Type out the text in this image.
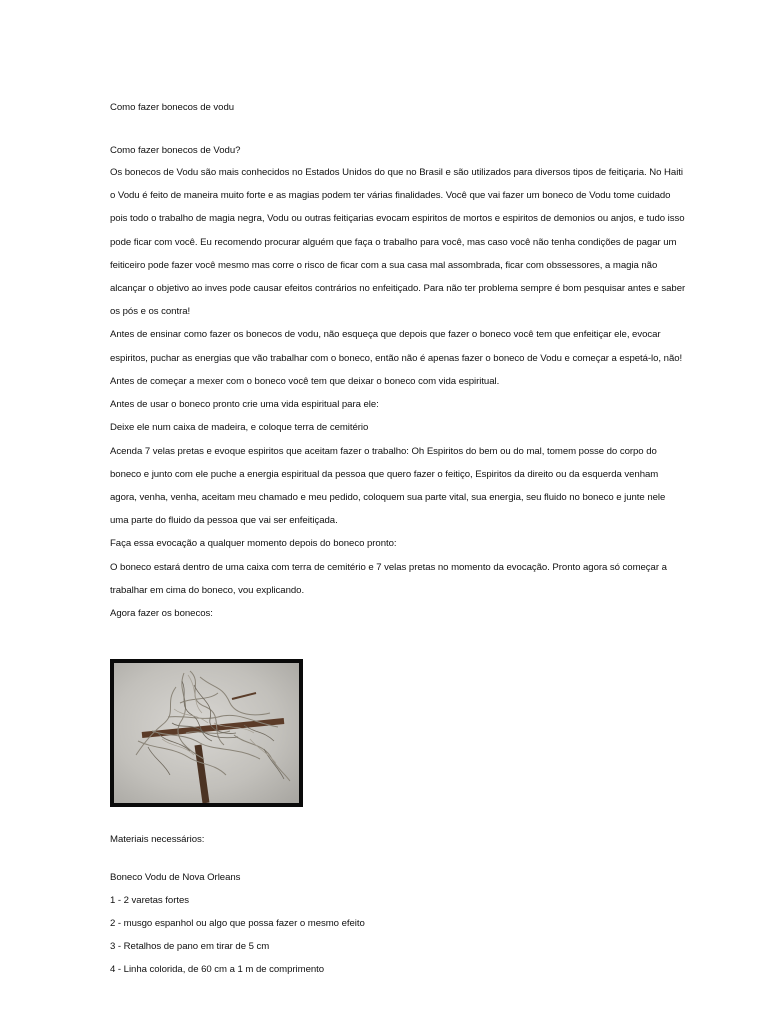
Como fazer bonecos de vodu
Como fazer bonecos de Vodu?
Os bonecos de Vodu são mais conhecidos no Estados Unidos do que no Brasil e são utilizados para diversos tipos de feitiçaria. No Haiti
o Vodu é feito de maneira muito forte e as magias podem ter várias finalidades. Você que vai fazer um boneco de Vodu tome cuidado
pois todo o trabalho de magia negra, Vodu ou outras feitiçarias evocam espiritos de mortos e espiritos de demonios ou anjos, e tudo isso
pode ficar com você. Eu recomendo procurar alguém que faça o trabalho para você, mas caso você não tenha condições de pagar um
feiticeiro pode fazer você mesmo mas corre o risco de ficar com a sua casa mal assombrada, ficar com obssessores, a magia não
alcançar o objetivo ao inves pode causar efeitos contrários no enfeitiçado. Para não ter problema sempre é bom pesquisar antes e saber
os pós e os contra!
Antes de ensinar como fazer os bonecos de vodu, não esqueça que depois que fazer o boneco você tem que enfeitiçar ele, evocar
espiritos, puchar as energias que vão trabalhar com o boneco, então não é apenas fazer o boneco de Vodu e começar a espetá-lo, não!
Antes de começar a mexer com o boneco você tem que deixar o boneco com vida espiritual.
Antes de usar o boneco pronto crie uma vida espiritual para ele:
Deixe ele num caixa de madeira, e coloque terra de cemitério
Acenda 7 velas pretas e evoque espiritos que aceitam fazer o trabalho: Oh Espiritos do bem ou do mal, tomem posse do corpo do
boneco e junto com ele puche a energia espiritual da pessoa que quero fazer o feitiço, Espiritos da direito ou da esquerda venham
agora, venha, venha, aceitam meu chamado e meu pedido, coloquem sua parte vital, sua energia, seu fluido no boneco e junte nele
uma parte do fluido da pessoa que vai ser enfeitiçada.
Faça essa evocação a qualquer momento depois do boneco pronto:
O boneco estará dentro de uma caixa com terra de cemitério e 7 velas pretas no momento da evocação. Pronto agora só começar a
trabalhar em cima do boneco, vou explicando.
Agora fazer os bonecos:
Materiais necessários:
Boneco Vodu de Nova Orleans
1 - 2 varetas fortes
2 - musgo espanhol ou algo que possa fazer o mesmo efeito
3 - Retalhos de pano em tirar de 5 cm
4 - Linha colorida, de 60 cm a 1 m de comprimento
